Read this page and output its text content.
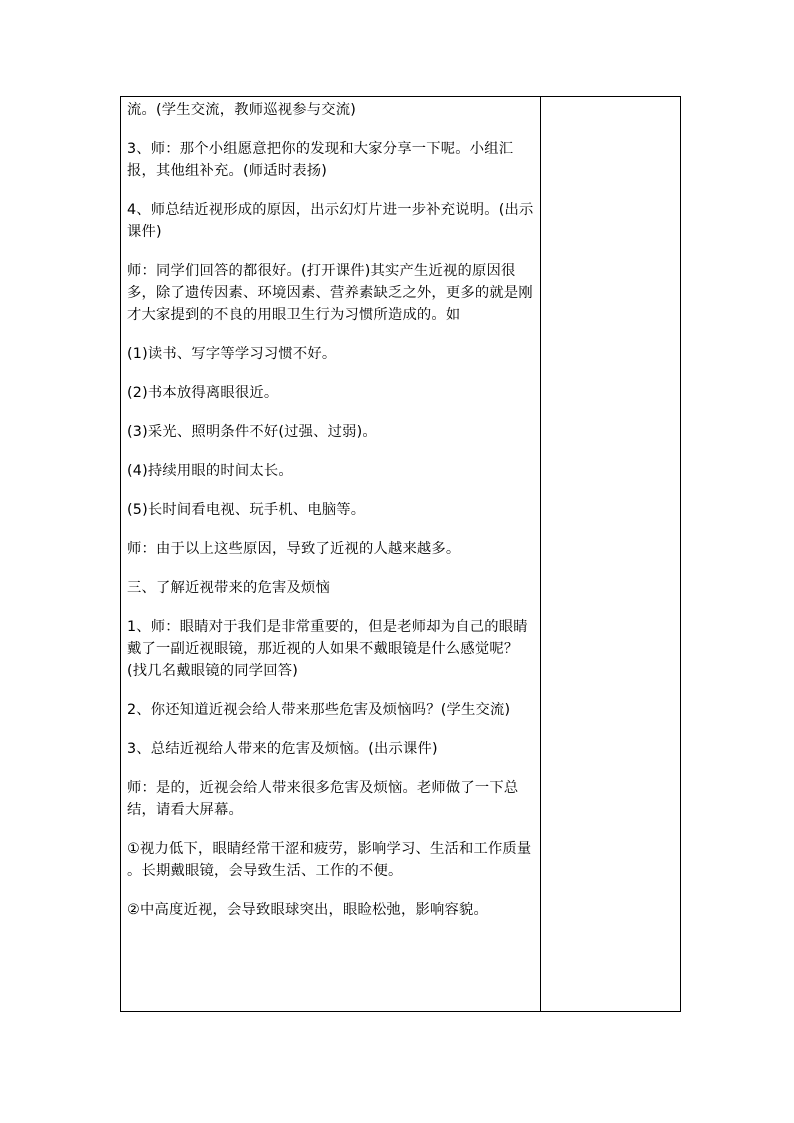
流。(学生交流，教师巡视参与交流)

3、师：那个小组愿意把你的发现和大家分享一下呢。小组汇报，其他组补充。(师适时表扬)

4、师总结近视形成的原因，出示幻灯片进一步补充说明。(出示课件)

师：同学们回答的都很好。(打开课件)其实产生近视的原因很多，除了遗传因素、环境因素、营养素缺乏之外，更多的就是刚才大家提到的不良的用眼卫生行为习惯所造成的。如

(1)读书、写字等学习习惯不好。

(2)书本放得离眼很近。

(3)采光、照明条件不好(过强、过弱)。

(4)持续用眼的时间太长。

(5)长时间看电视、玩手机、电脑等。

师：由于以上这些原因，导致了近视的人越来越多。

三、了解近视带来的危害及烦恼

1、师：眼睛对于我们是非常重要的，但是老师却为自己的眼睛戴了一副近视眼镜，那近视的人如果不戴眼镜是什么感觉呢？(找几名戴眼镜的同学回答)

2、你还知道近视会给人带来那些危害及烦恼吗？(学生交流)

3、总结近视给人带来的危害及烦恼。(出示课件)

师：是的，近视会给人带来很多危害及烦恼。老师做了一下总结，请看大屏幕。

①视力低下，眼睛经常干涩和疲劳，影响学习、生活和工作质量 。长期戴眼镜，会导致生活、工作的不便。

②中高度近视，会导致眼球突出，眼睑松弛，影响容貌。
